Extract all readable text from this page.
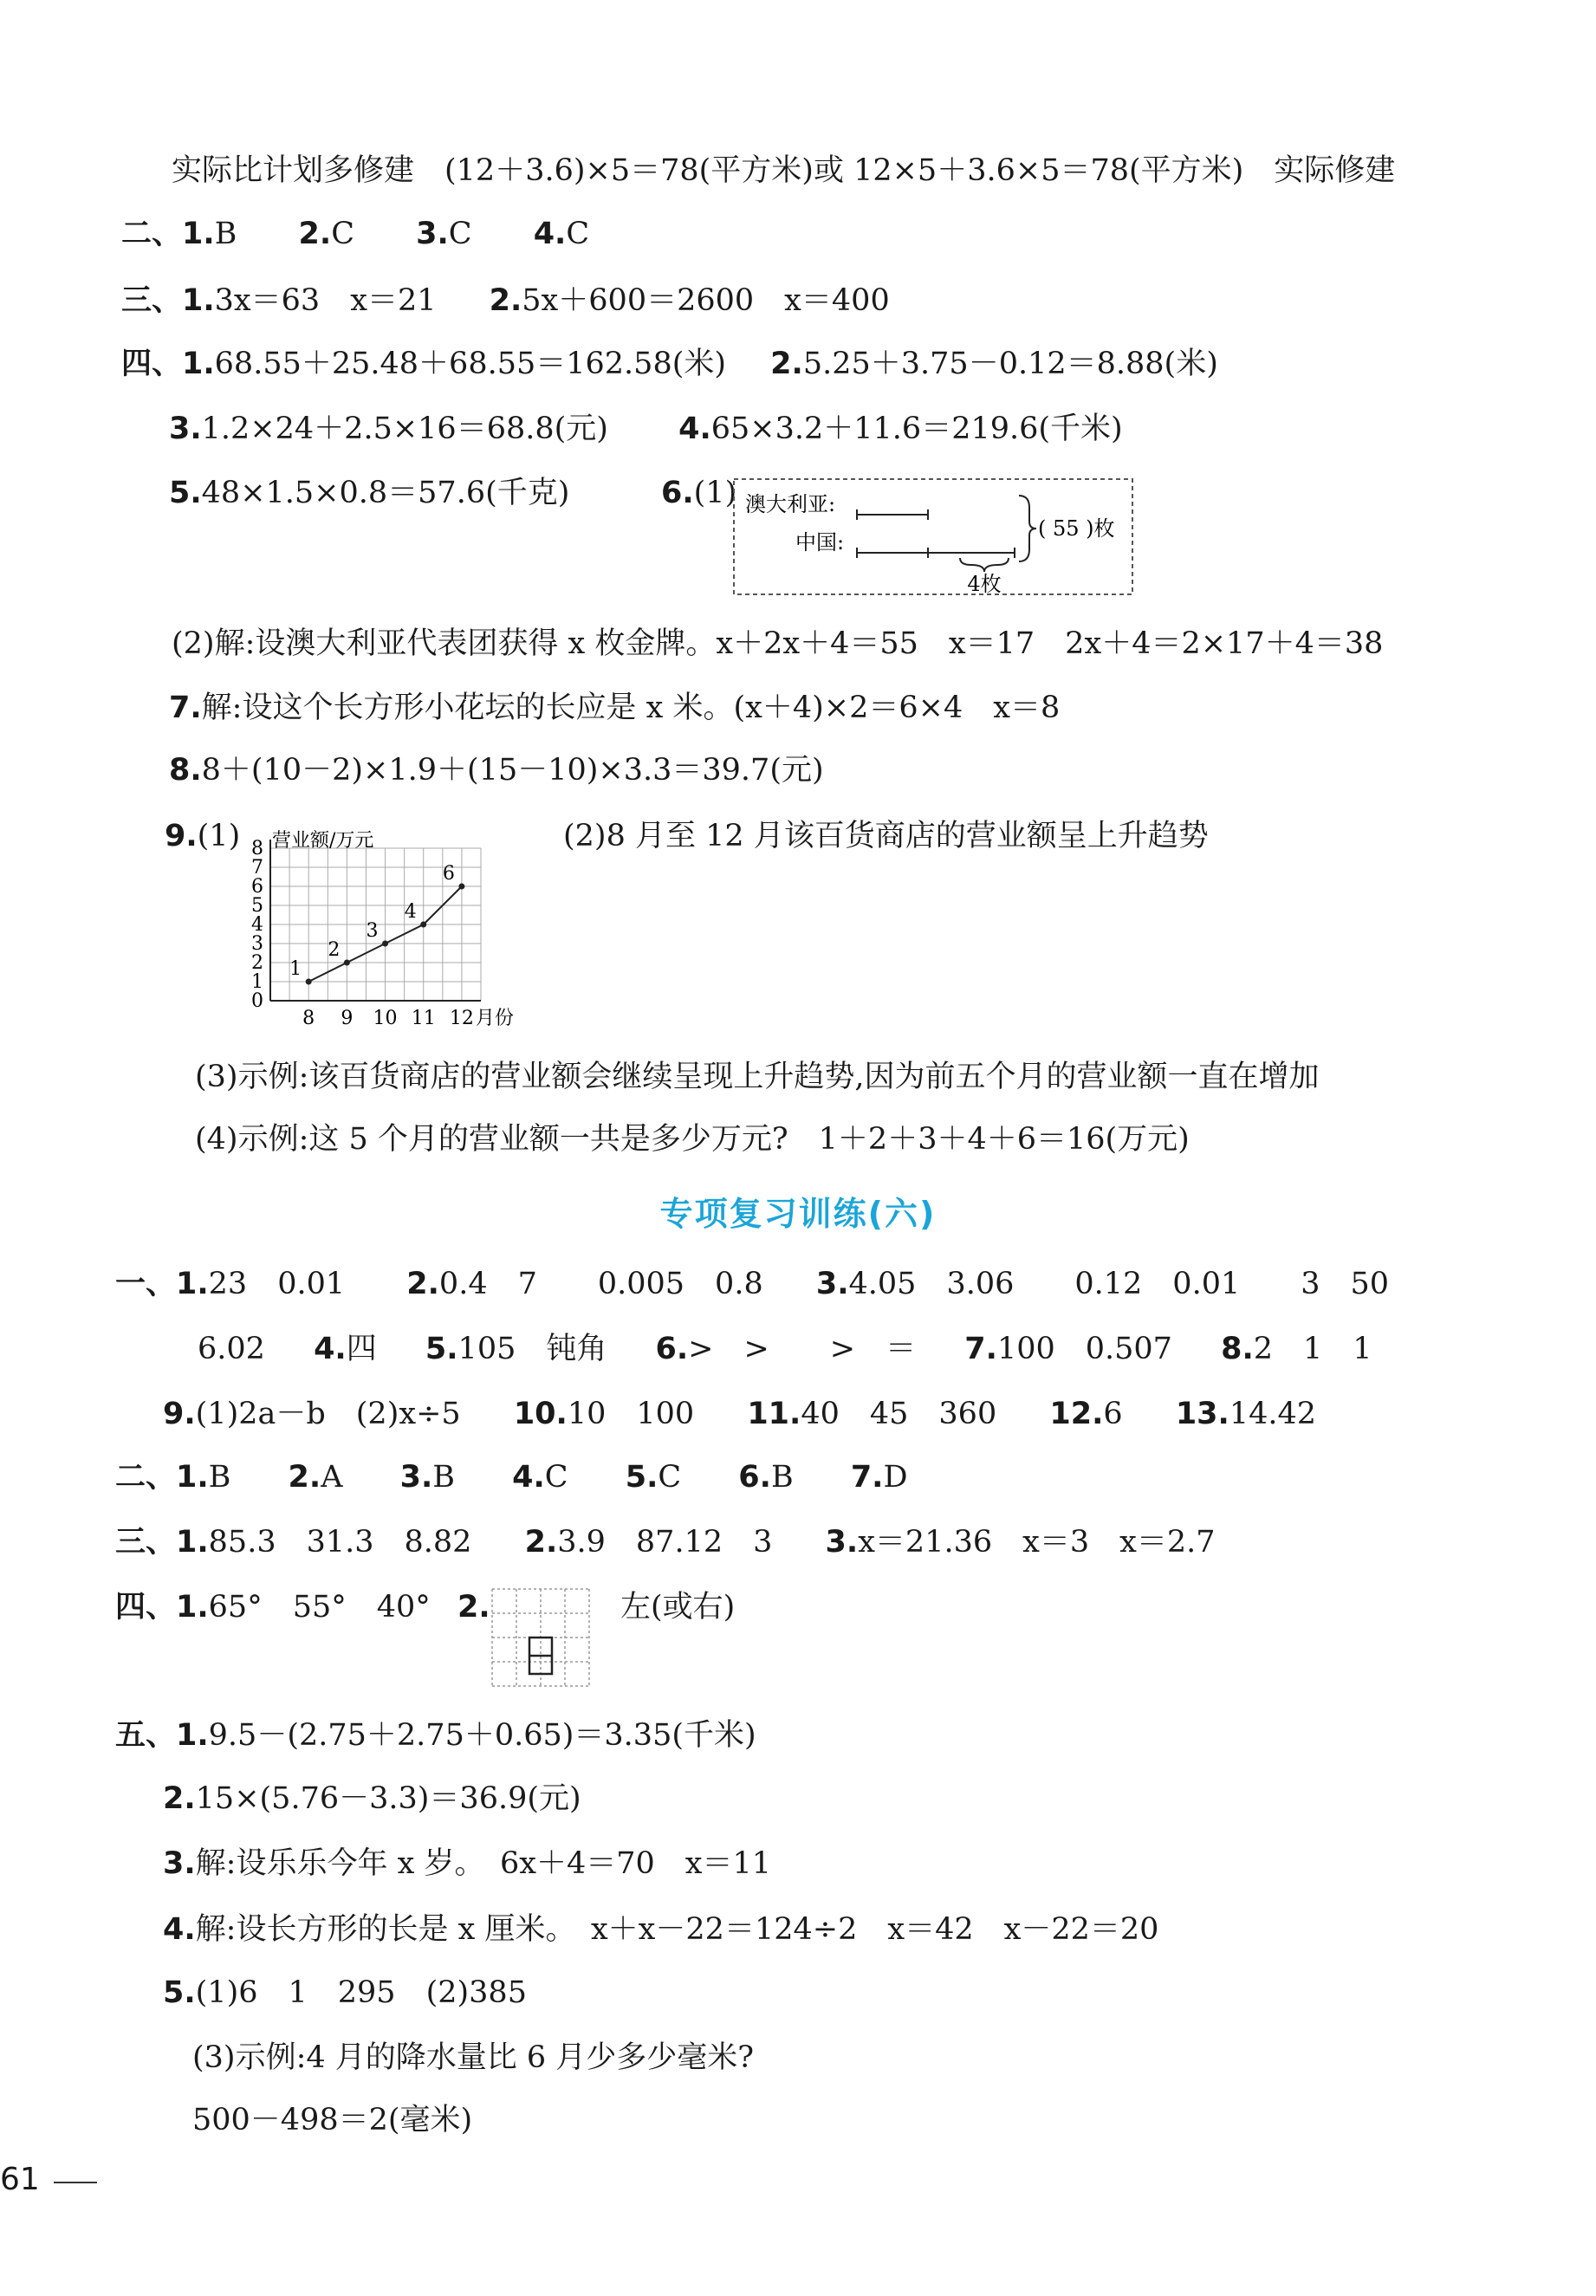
实际比计划多修建　(12＋3.6)×5＝78(平方米)或 12×5＋3.6×5＝78(平方米)　实际修建
二、1.B 2.C 3.C 4.C
三、1.3x＝63　x＝21 2.5x＋600＝2600　x＝400
四、1.68.55＋25.48＋68.55＝162.58(米) 2.5.25＋3.75－0.12＝8.88(米)
3.1.2×24＋2.5×16＝68.8(元) 4.65×3.2＋11.6＝219.6(千米)
5.48×1.5×0.8＝57.6(千克)	6.(1) 澳大利亚:
中国:
( 55 )枚
4枚
(2)解:设澳大利亚代表团获得 x 枚金牌。x＋2x＋4＝55　x＝17　2x＋4＝2×17＋4＝38
7.解:设这个长方形小花坛的长应是 x 米。(x＋4)×2＝6×4　x＝8
8.8＋(10－2)×1.9＋(15－10)×3.3＝39.7(元)
9.(1)
0
1
2
3
4
5
6
7
8 营业额/万元
8 9 10 11 12 月份
1
2
3
4
6
(2)8 月至 12 月该百货商店的营业额呈上升趋势
(3)示例:该百货商店的营业额会继续呈现上升趋势,因为前五个月的营业额一直在增加
(4)示例:这 5 个月的营业额一共是多少万元?　1＋2＋3＋4＋6＝16(万元)
专项复习训练(六)
一、1.23　0.01 2.0.4　7　　0.005　0.8 3.4.05　3.06　　0.12　0.01　　3　50
6.02 4.四 5.105　钝角 6.>　>　　>　＝ 7.100　0.507 8.2　1　1
9.(1)2a－b　(2)x÷5 10.10　100 11.40　45　360 12.6 13.14.42
二、1.B 2.A 3.B 4.C 5.C 6.B 7.D
三、1.85.3　31.3　8.82 2.3.9　87.12　3 3.x＝21.36　x＝3　x＝2.7
四、1.65°　55°　40° 2.	左(或右)
五、1.9.5－(2.75＋2.75＋0.65)＝3.35(千米)
2.15×(5.76－3.3)＝36.9(元)
3.解:设乐乐今年 x 岁。　6x＋4＝70　x＝11
4.解:设长方形的长是 x 厘米。　x＋x－22＝124÷2　x＝42　x－22＝20
5.(1)6　1　295　(2)385
(3)示例:4 月的降水量比 6 月少多少毫米?
500－498＝2(毫米)
61
